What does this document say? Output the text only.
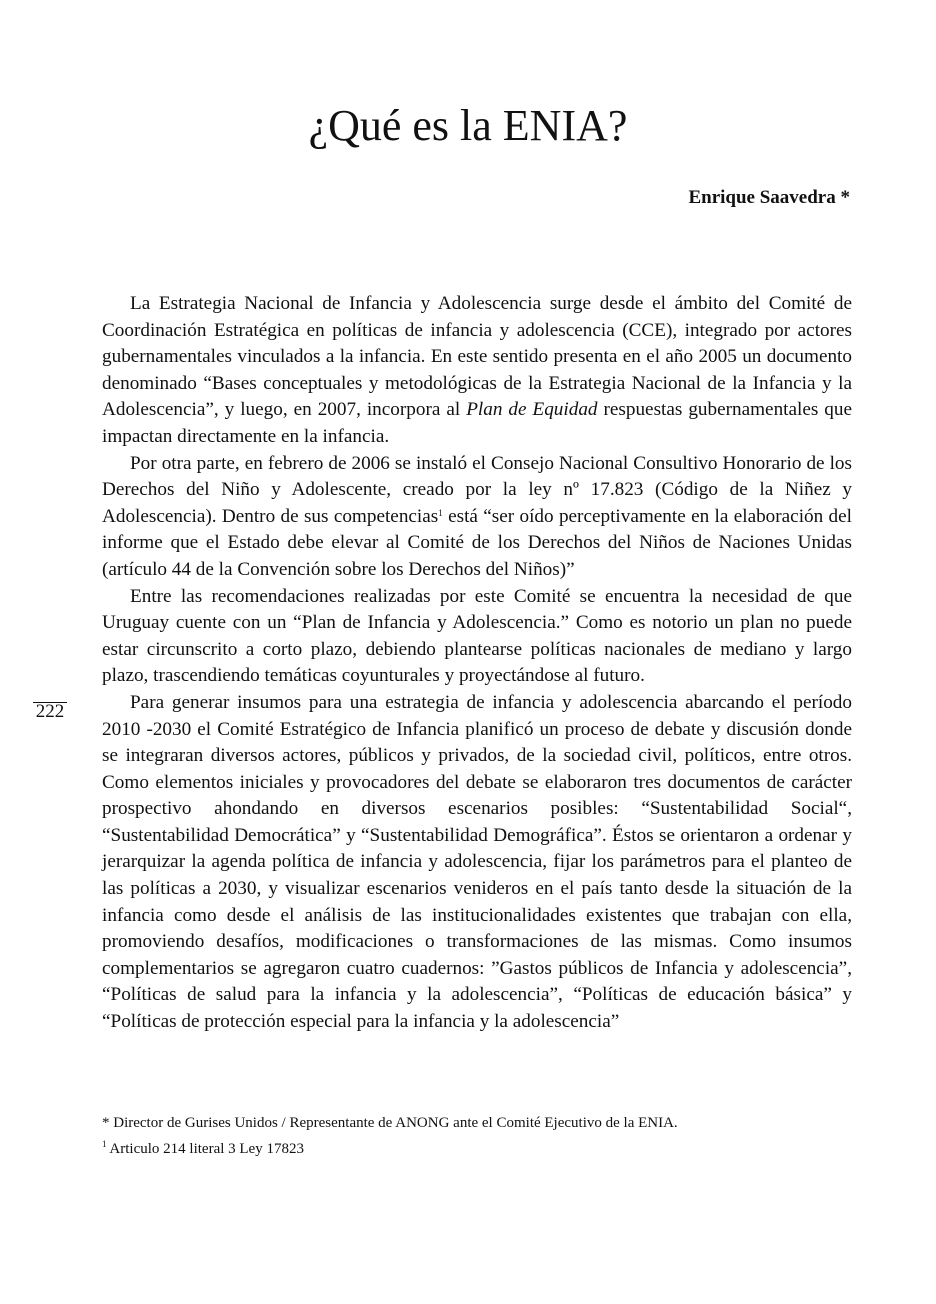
¿Qué es la ENIA?
Enrique Saavedra *

La Estrategia Nacional de Infancia y Adolescencia surge desde el ámbito del Comité de Coordinación Estratégica en políticas de infancia y adolescencia (CCE), integrado por actores gubernamentales vinculados a la infancia. En este sentido presenta en el año 2005 un documento denominado “Bases conceptuales y metodológicas de la Estrategia Nacional de la Infancia y la Adolescencia”, y luego, en 2007, incorpora al Plan de Equidad respuestas gubernamentales que impactan directamente en la infancia.

Por otra parte, en febrero de 2006 se instaló el Consejo Nacional Consultivo Honorario de los Derechos del Niño y Adolescente, creado por la ley nº 17.823 (Código de la Niñez y Adolescencia). Dentro de sus competencias$^1$ está “ser oído perceptivamente en la elaboración del informe que el Estado debe elevar al Comité de los Derechos del Niños de Naciones Unidas (artículo 44 de la Convención sobre los Derechos del Niños)”

Entre las recomendaciones realizadas por este Comité se encuentra la necesidad de que Uruguay cuente con un “Plan de Infancia y Adolescencia.” Como es notorio un plan no puede estar circunscrito a corto plazo, debiendo plantearse políticas nacionales de mediano y largo plazo, trascendiendo temáticas coyunturales y proyectándose al futuro.

Para generar insumos para una estrategia de infancia y adolescencia abarcando el período 2010 -2030 el Comité Estratégico de Infancia planificó un proceso de debate y discusión donde se integraran diversos actores, públicos y privados, de la sociedad civil, políticos, entre otros. Como elementos iniciales y provocadores del debate se elaboraron tres documentos de carácter prospectivo ahondando en diversos escenarios posibles: “Sustentabilidad Social“, “Sustentabilidad Democrática” y “Sustentabilidad Demográfica”. Éstos se orientaron a ordenar y jerarquizar la agenda política de infancia y adolescencia, fijar los parámetros para el planteo de las políticas a 2030, y visualizar escenarios venideros en el país tanto desde la situación de la infancia como desde el análisis de las institucionalidades existentes que trabajan con ella, promoviendo desafíos, modificaciones o transformaciones de las mismas. Como insumos complementarios se agregaron cuatro cuadernos: ”Gastos públicos de Infancia y adolescencia”, “Políticas de salud para la infancia y la adolescencia”, “Políticas de educación básica” y “Políticas de protección especial para la infancia y la adolescencia”

222

* Director de Gurises Unidos / Representante de ANONG ante el Comité Ejecutivo de la ENIA.

$^1$ Articulo 214 literal 3 Ley 17823
